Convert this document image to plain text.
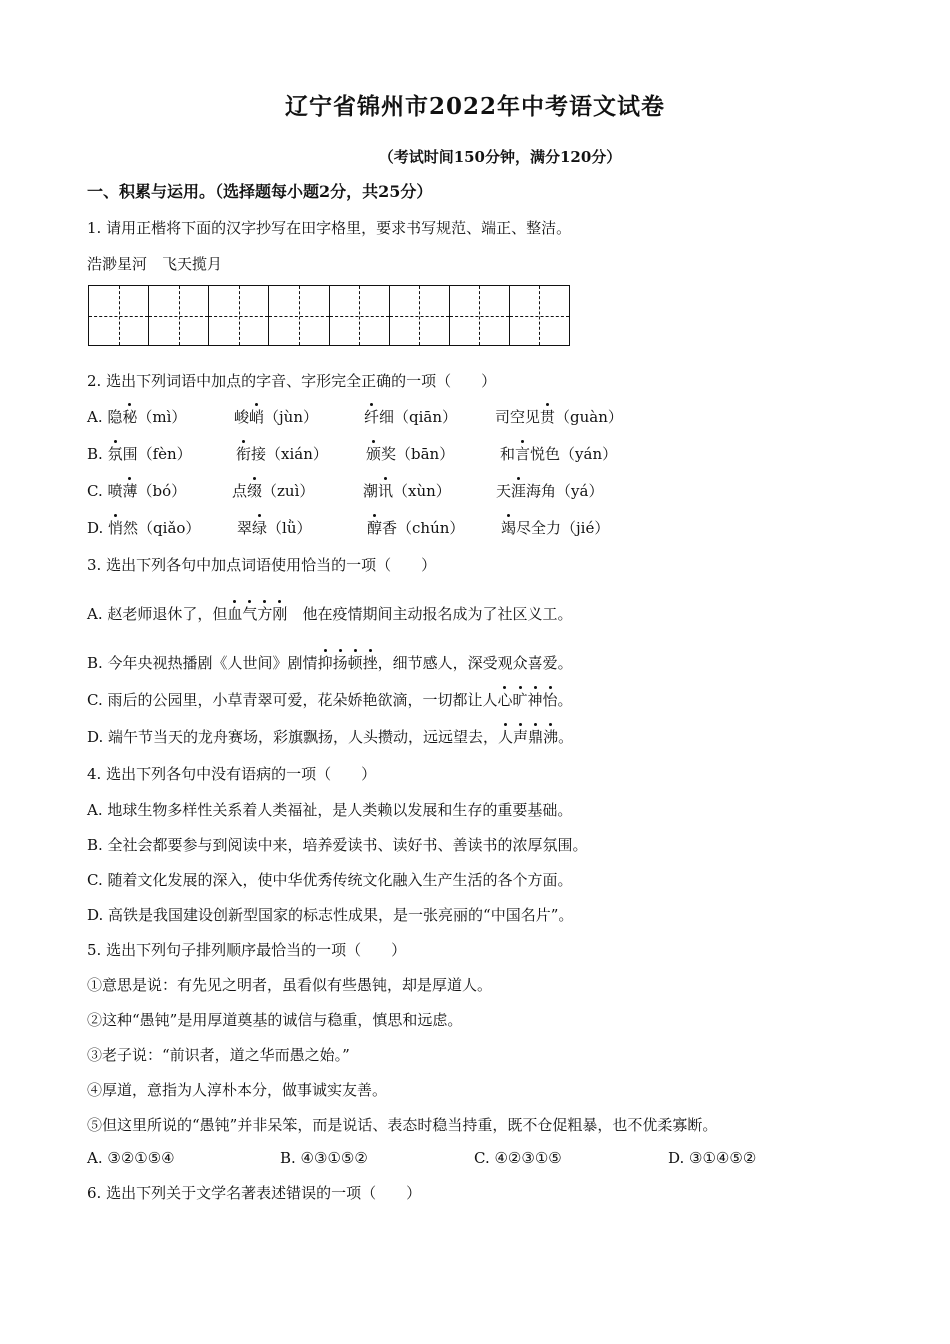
辽宁省锦州市2022年中考语文试卷
（考试时间150分钟，满分120分）
一、积累与运用。（选择题每小题2分，共25分）
1. 请用正楷将下面的汉字抄写在田字格里，要求书写规范、端正、整洁。
浩渺星河　飞天揽月
2. 选出下列词语中加点的字音、字形完全正确的一项（　　）
A. 隐秘（mì）	峻峭（jùn）	纤细（qiān）	司空见贯（guàn）
B. 氛围（fèn）	衔接（xián）	颁奖（bān）	和言悦色（yán）
C. 喷薄（bó）	点缀（zuì）	潮讯（xùn）	天涯海角（yá）
D. 悄然（qiǎo） 翠绿（lǜ）	醇香（chún） 竭尽全力（jié）
3. 选出下列各句中加点词语使用恰当的一项（　　）
A. 赵老师退休了，但血气方刚　他在疫情期间主动报名成为了社区义工。
B. 今年央视热播剧《人世间》剧情抑扬顿挫，细节感人，深受观众喜爱。
C. 雨后的公园里，小草青翠可爱，花朵娇艳欲滴，一切都让人心旷神怡。
D. 端午节当天的龙舟赛场，彩旗飘扬，人头攒动，远远望去，人声鼎沸。
4. 选出下列各句中没有语病的一项（　　）
A. 地球生物多样性关系着人类福祉，是人类赖以发展和生存的重要基础。
B. 全社会都要参与到阅读中来，培养爱读书、读好书、善读书的浓厚氛围。
C. 随着文化发展的深入，使中华优秀传统文化融入生产生活的各个方面。
D. 高铁是我国建设创新型国家的标志性成果，是一张亮丽的“中国名片”。
5. 选出下列句子排列顺序最恰当的一项（　　）
①意思是说：有先见之明者，虽看似有些愚钝，却是厚道人。
②这种“愚钝”是用厚道奠基的诚信与稳重，慎思和远虑。
③老子说：“前识者，道之华而愚之始。”
④厚道，意指为人淳朴本分，做事诚实友善。
⑤但这里所说的“愚钝”并非呆笨，而是说话、表态时稳当持重，既不仓促粗暴，也不优柔寡断。
A. ③②①⑤④	B. ④③①⑤②	C. ④②③①⑤	D. ③①④⑤②
6. 选出下列关于文学名著表述错误的一项（　　）
